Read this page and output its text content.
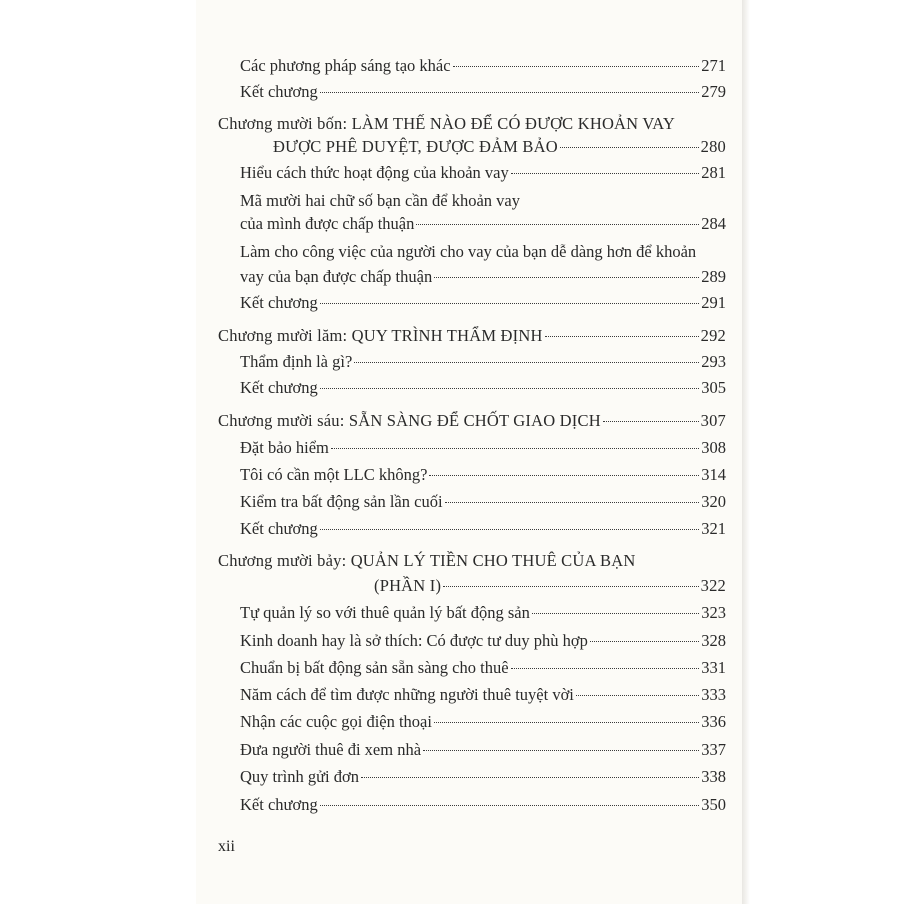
Các phương pháp sáng tạo khác	271
Kết chương	279
Chương mười bốn: LÀM THẾ NÀO ĐỂ CÓ ĐƯỢC KHOẢN VAY
ĐƯỢC PHÊ DUYỆT, ĐƯỢC ĐẢM BẢO	280
Hiểu cách thức hoạt động của khoản vay	281
Mã mười hai chữ số bạn cần để khoản vay
của mình được chấp thuận	284
Làm cho công việc của người cho vay của bạn dễ dàng hơn để khoản
vay của bạn được chấp thuận	289
Kết chương	291
Chương mười lăm: QUY TRÌNH THẨM ĐỊNH	292
Thẩm định là gì?	293
Kết chương	305
Chương mười sáu: SẴN SÀNG ĐỂ CHỐT GIAO DỊCH	307
Đặt bảo hiểm	308
Tôi có cần một LLC không?	314
Kiểm tra bất động sản lần cuối	320
Kết chương	321
Chương mười bảy: QUẢN LÝ TIỀN CHO THUÊ CỦA BẠN
(PHẦN I)	322
Tự quản lý so với thuê quản lý bất động sản	323
Kinh doanh hay là sở thích: Có được tư duy phù hợp	328
Chuẩn bị bất động sản sẵn sàng cho thuê	331
Năm cách để tìm được những người thuê tuyệt vời	333
Nhận các cuộc gọi điện thoại	336
Đưa người thuê đi xem nhà	337
Quy trình gửi đơn	338
Kết chương	350
xii
